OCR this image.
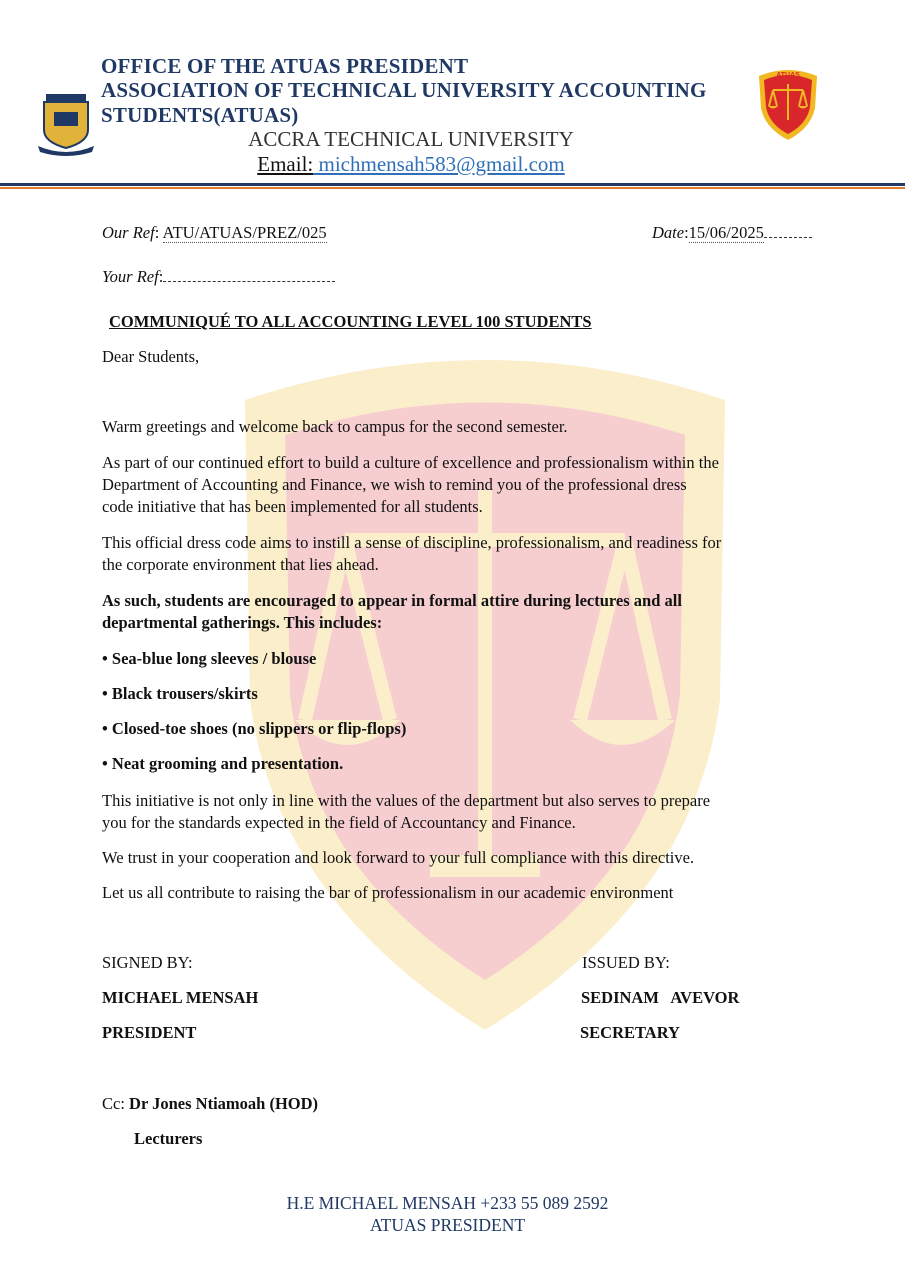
ATUAS
OFFICE OF THE ATUAS PRESIDENT
ASSOCIATION OF TECHNICAL UNIVERSITY ACCOUNTING
STUDENTS(ATUAS)
ACCRA TECHNICAL UNIVERSITY
Email: michmensah583@gmail.com
Our Ref: ATU/ATUAS/PREZ/025	Date:15/06/2025
Your Ref:
COMMUNIQUÉ TO ALL ACCOUNTING LEVEL 100 STUDENTS
Dear Students,
Warm greetings and welcome back to campus for the second semester.
As part of our continued effort to build a culture of excellence and professionalism within the
Department of Accounting and Finance, we wish to remind you of the professional dress
code initiative that has been implemented for all students.
This official dress code aims to instill a sense of discipline, professionalism, and readiness for
the corporate environment that lies ahead.
As such, students are encouraged to appear in formal attire during lectures and all
departmental gatherings. This includes:
• Sea-blue long sleeves / blouse
• Black trousers/skirts
• Closed-toe shoes (no slippers or flip-flops)
• Neat grooming and presentation.
This initiative is not only in line with the values of the department but also serves to prepare
you for the standards expected in the field of Accountancy and Finance.
We trust in your cooperation and look forward to your full compliance with this directive.
Let us all contribute to raising the bar of professionalism in our academic environment
SIGNED BY:
MICHAEL MENSAH
PRESIDENT
ISSUED BY:
SEDINAM   AVEVOR
SECRETARY
Cc: Dr Jones Ntiamoah (HOD)
Lecturers
H.E MICHAEL MENSAH +233 55 089 2592
ATUAS PRESIDENT
